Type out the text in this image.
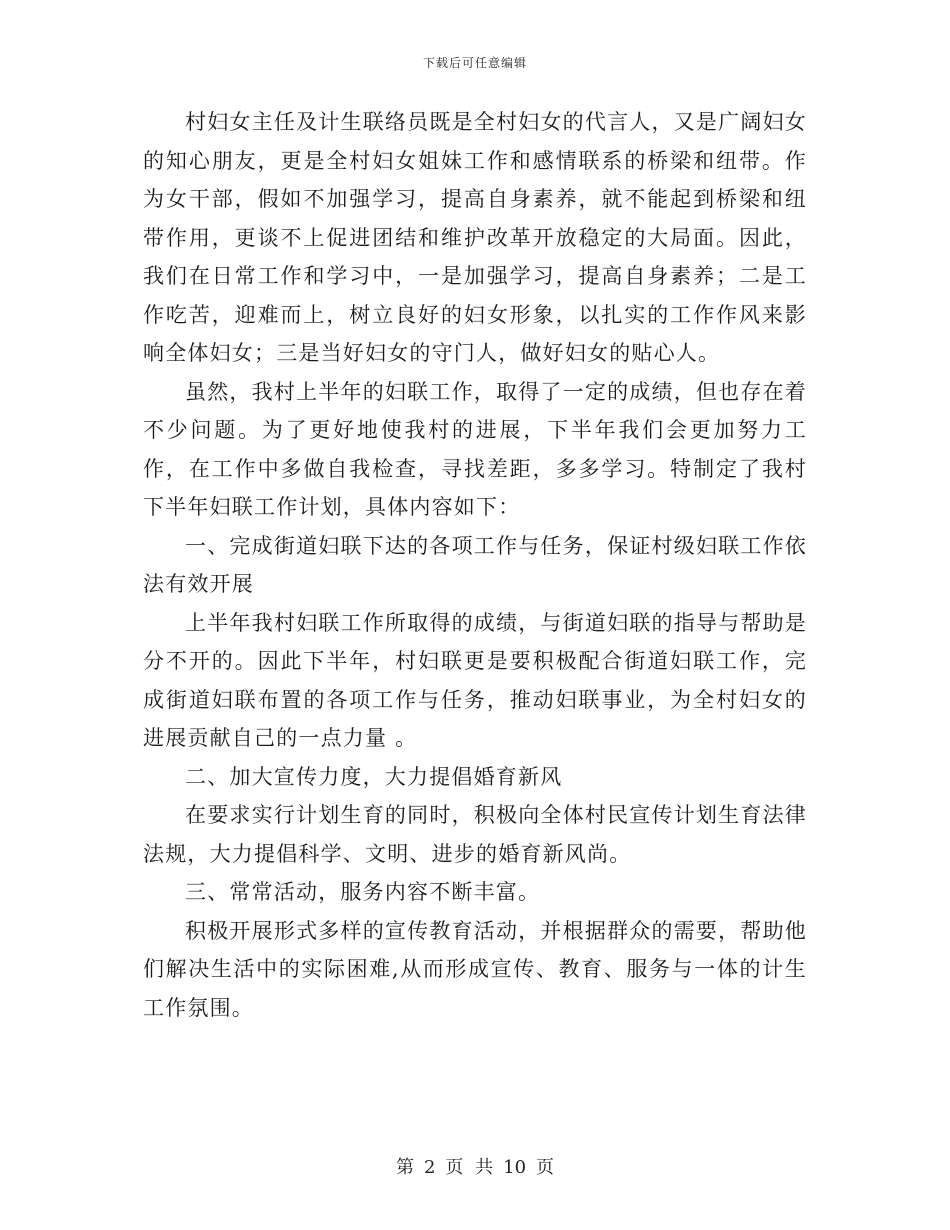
下载后可任意编辑

村妇女主任及计生联络员既是全村妇女的代言人，又是广阔妇女的知心朋友，更是全村妇女姐妹工作和感情联系的桥梁和纽带。作为女干部，假如不加强学习，提高自身素养，就不能起到桥梁和纽带作用，更谈不上促进团结和维护改革开放稳定的大局面。因此，我们在日常工作和学习中，一是加强学习，提高自身素养；二是工作吃苦，迎难而上，树立良好的妇女形象，以扎实的工作作风来影响全体妇女；三是当好妇女的守门人，做好妇女的贴心人。

虽然，我村上半年的妇联工作，取得了一定的成绩，但也存在着不少问题。为了更好地使我村的进展，下半年我们会更加努力工作，在工作中多做自我检查，寻找差距，多多学习。特制定了我村下半年妇联工作计划，具体内容如下：

一、完成街道妇联下达的各项工作与任务，保证村级妇联工作依法有效开展

上半年我村妇联工作所取得的成绩，与街道妇联的指导与帮助是分不开的。因此下半年，村妇联更是要积极配合街道妇联工作，完成街道妇联布置的各项工作与任务，推动妇联事业，为全村妇女的进展贡献自己的一点力量 。

二、加大宣传力度，大力提倡婚育新风

在要求实行计划生育的同时，积极向全体村民宣传计划生育法律法规，大力提倡科学、文明、进步的婚育新风尚。

三、常常活动，服务内容不断丰富。

积极开展形式多样的宣传教育活动，并根据群众的需要，帮助他们解决生活中的实际困难,从而形成宣传、教育、服务与一体的计生工作氛围。

第 2 页 共 10 页
